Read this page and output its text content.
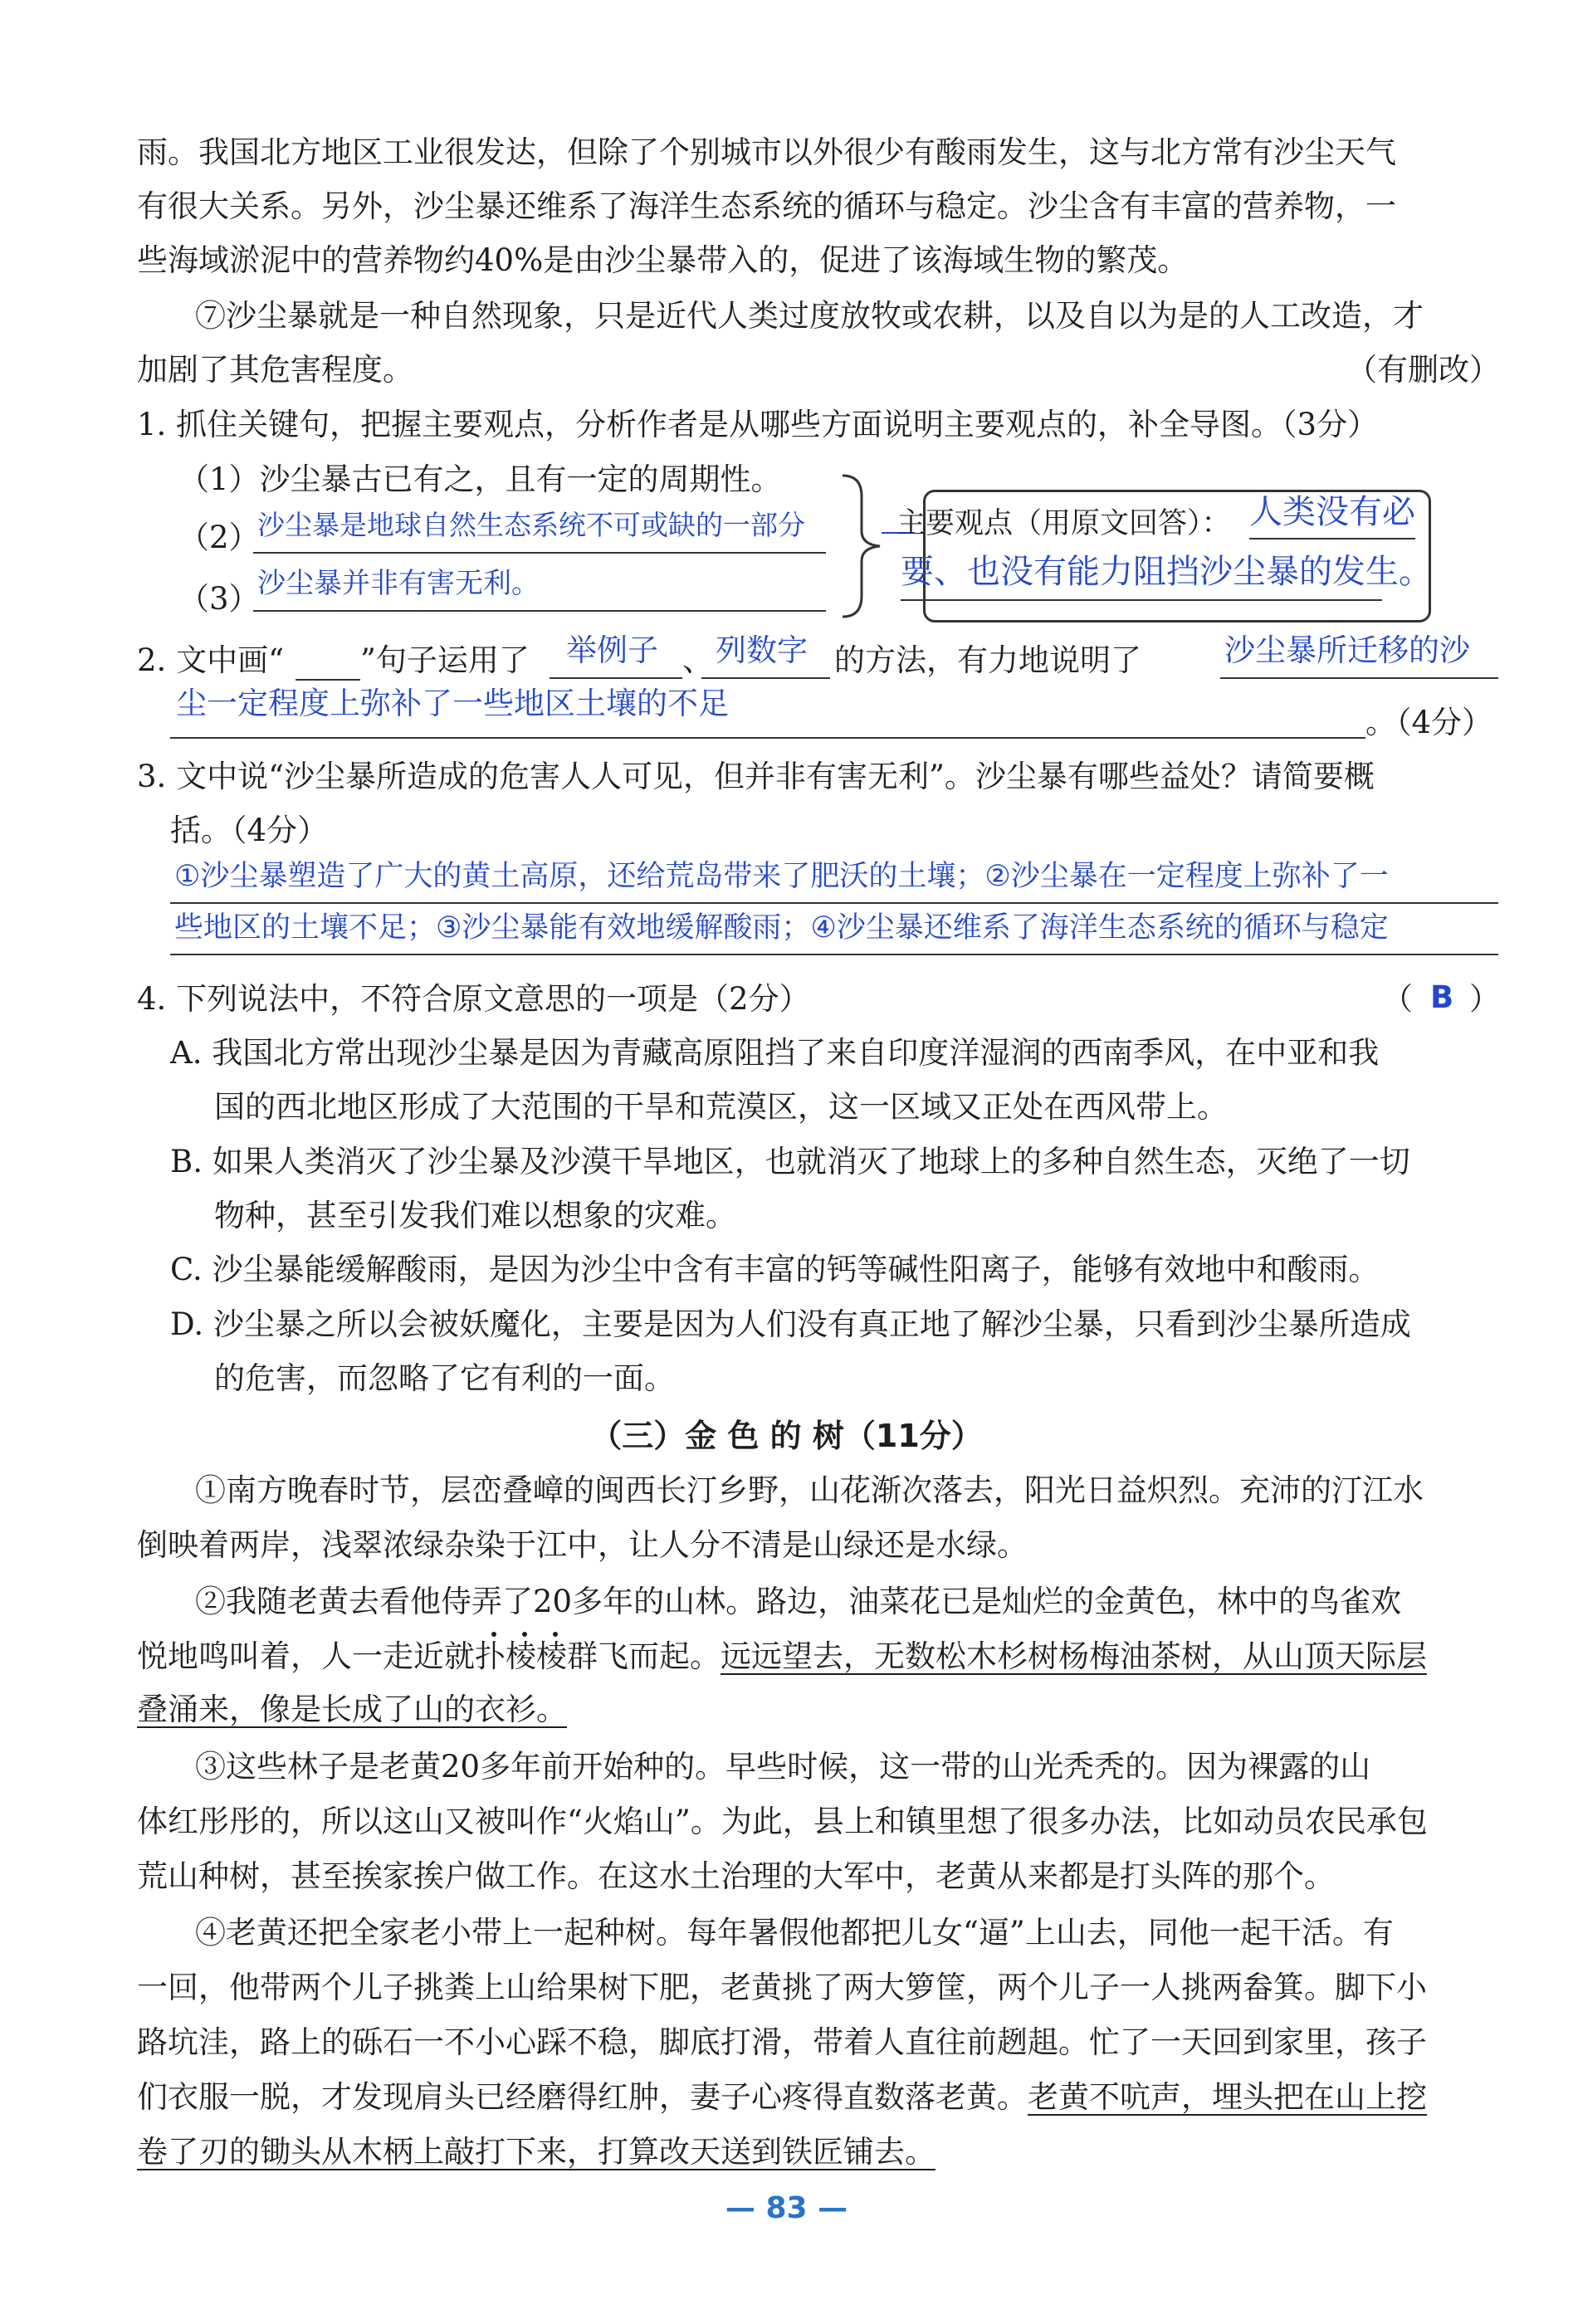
雨。我国北方地区工业很发达，但除了个别城市以外很少有酸雨发生，这与北方常有沙尘天气
有很大关系。另外，沙尘暴还维系了海洋生态系统的循环与稳定。沙尘含有丰富的营养物，一
些海域淤泥中的营养物约40%是由沙尘暴带入的，促进了该海域生物的繁茂。
⑦沙尘暴就是一种自然现象，只是近代人类过度放牧或农耕，以及自以为是的人工改造，才
加剧了其危害程度。	（有删改）
1. 抓住关键句，把握主要观点，分析作者是从哪些方面说明主要观点的，补全导图。（3分）
（1）沙尘暴古已有之，且有一定的周期性。
（2）
沙尘暴是地球自然生态系统不可或缺的一部分
（3）
沙尘暴并非有害无利。
主要观点（用原文回答）： 人类没有必
要、也没有能力阻挡沙尘暴的发生。
2. 文中画“ ”句子运用了	举例子 、 列数字 的方法，有力地说明了	沙尘暴所迁移的沙
尘一定程度上弥补了一些地区土壤的不足
。（4分）
3. 文中说“沙尘暴所造成的危害人人可见，但并非有害无利”。沙尘暴有哪些益处？请简要概
括。（4分）
①沙尘暴塑造了广大的黄土高原，还给荒岛带来了肥沃的土壤；②沙尘暴在一定程度上弥补了一
些地区的土壤不足；③沙尘暴能有效地缓解酸雨；④沙尘暴还维系了海洋生态系统的循环与稳定
4. 下列说法中，不符合原文意思的一项是（2分）	（ B ）
A. 我国北方常出现沙尘暴是因为青藏高原阻挡了来自印度洋湿润的西南季风，在中亚和我
国的西北地区形成了大范围的干旱和荒漠区，这一区域又正处在西风带上。
B. 如果人类消灭了沙尘暴及沙漠干旱地区，也就消灭了地球上的多种自然生态，灭绝了一切
物种，甚至引发我们难以想象的灾难。
C. 沙尘暴能缓解酸雨，是因为沙尘中含有丰富的钙等碱性阳离子，能够有效地中和酸雨。
D. 沙尘暴之所以会被妖魔化，主要是因为人们没有真正地了解沙尘暴，只看到沙尘暴所造成
的危害，而忽略了它有利的一面。
（三）金 色 的 树（11分）
①南方晚春时节，层峦叠嶂的闽西长汀乡野，山花渐次落去，阳光日益炽烈。充沛的汀江水
倒映着两岸，浅翠浓绿杂染于江中，让人分不清是山绿还是水绿。
②我随老黄去看他侍弄了20多年的山林。路边，油菜花已是灿烂的金黄色，林中的鸟雀欢
悦地鸣叫着，人一走近就扑棱棱群飞而起。远远望去，无数松木杉树杨梅油茶树，从山顶天际层
叠涌来，像是长成了山的衣衫。
③这些林子是老黄20多年前开始种的。早些时候，这一带的山光秃秃的。因为裸露的山
体红彤彤的，所以这山又被叫作“火焰山”。为此，县上和镇里想了很多办法，比如动员农民承包
荒山种树，甚至挨家挨户做工作。在这水土治理的大军中，老黄从来都是打头阵的那个。
④老黄还把全家老小带上一起种树。每年暑假他都把儿女“逼”上山去，同他一起干活。有
一回，他带两个儿子挑粪上山给果树下肥，老黄挑了两大箩筐，两个儿子一人挑两畚箕。脚下小
路坑洼，路上的砾石一不小心踩不稳，脚底打滑，带着人直往前趔趄。忙了一天回到家里，孩子
们衣服一脱，才发现肩头已经磨得红肿，妻子心疼得直数落老黄。老黄不吭声，埋头把在山上挖
卷了刃的锄头从木柄上敲打下来，打算改天送到铁匠铺去。
— 83 —
